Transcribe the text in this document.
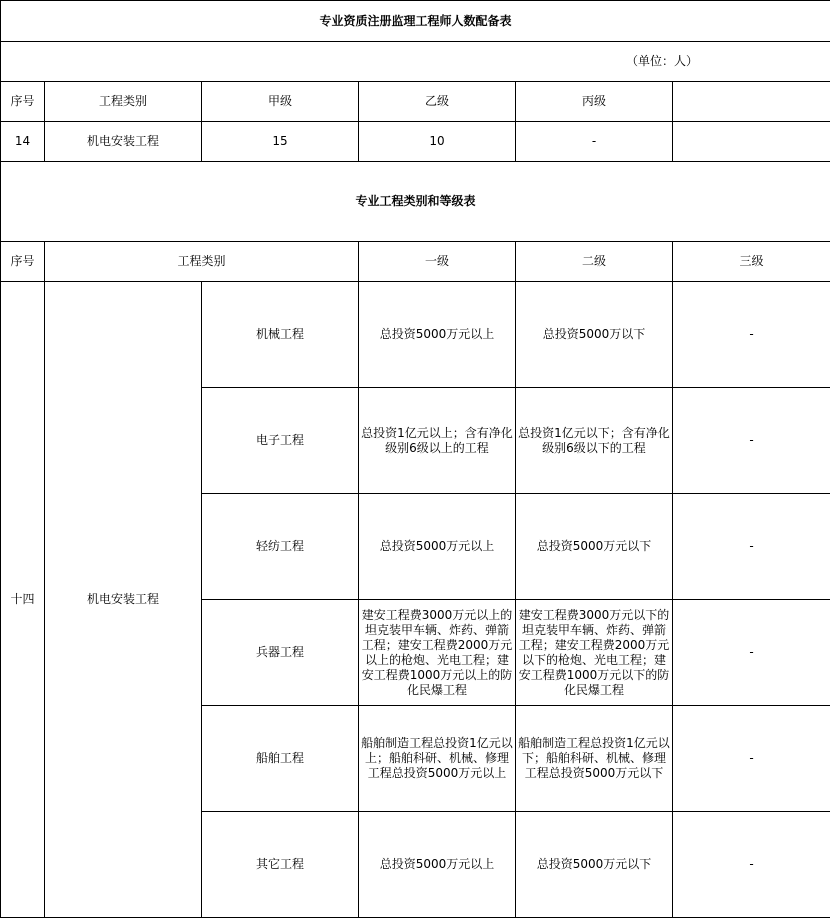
专业资质注册监理工程师人数配备表					
（单位：人）					
序号	工程类别	甲级	乙级	丙级	
14	机电安装工程	15	10	-	
专业工程类别和等级表					
序号	工程类别		一级	二级	三级
十四	机电安装工程	机械工程	总投资5000万元以上	总投资5000万以下	-
		电子工程	总投资1亿元以上；含有净化级别6级以上的工程	总投资1亿元以下；含有净化级别6级以下的工程	-
		轻纺工程	总投资5000万元以上	总投资5000万元以下	-
		兵器工程	建安工程费3000万元以上的坦克装甲车辆、炸药、弹箭工程；建安工程费2000万元以上的枪炮、光电工程；建安工程费1000万元以上的防化民爆工程	建安工程费3000万元以下的坦克装甲车辆、炸药、弹箭工程；建安工程费2000万元以下的枪炮、光电工程；建安工程费1000万元以下的防化民爆工程	-
		船舶工程	船舶制造工程总投资1亿元以上；船舶科研、机械、修理工程总投资5000万元以上	船舶制造工程总投资1亿元以下；船舶科研、机械、修理工程总投资5000万元以下	-
		其它工程	总投资5000万元以上	总投资5000万元以下	-
